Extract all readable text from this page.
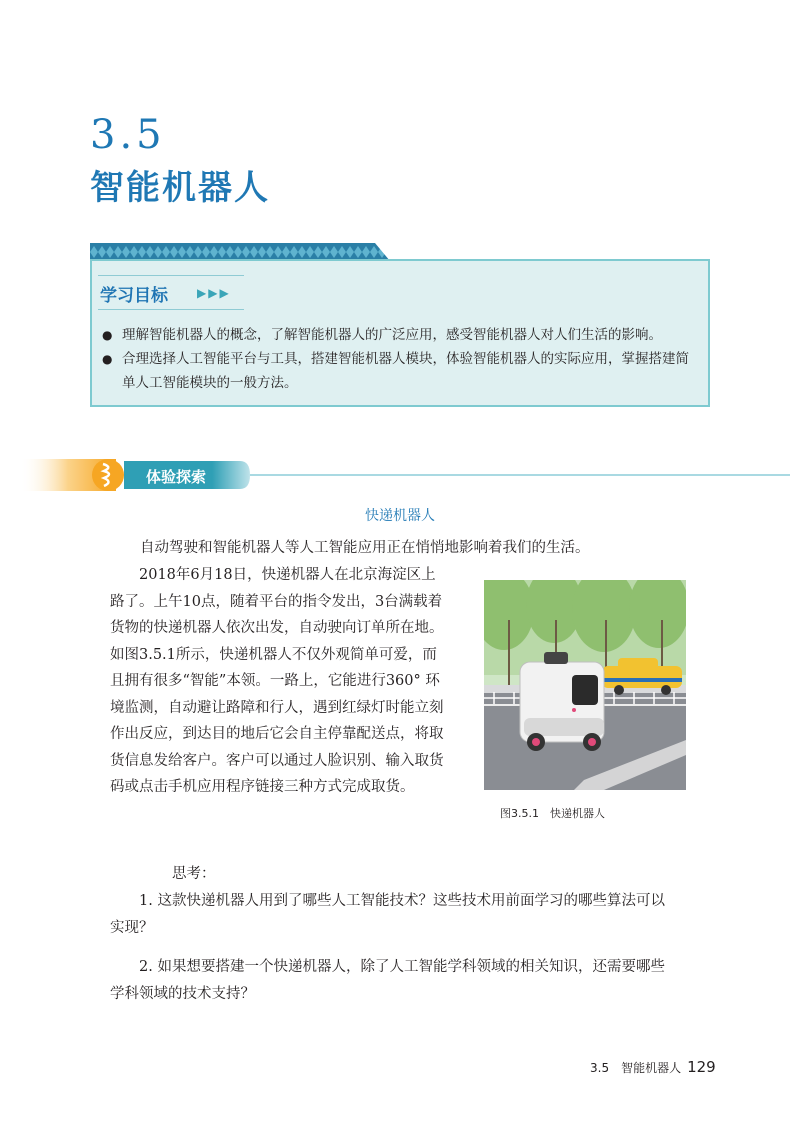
3.5
智能机器人
学习目标 ▶▶▶
● 理解智能机器人的概念，了解智能机器人的广泛应用，感受智能机器人对人们生活的影响。
● 合理选择人工智能平台与工具，搭建智能机器人模块，体验智能机器人的实际应用，掌握搭建简单人工智能模块的一般方法。
体验探索
快递机器人
自动驾驶和智能机器人等人工智能应用正在悄悄地影响着我们的生活。
2018年6月18日，快递机器人在北京海淀区上路了。上午10点，随着平台的指令发出，3台满载着货物的快递机器人依次出发，自动驶向订单所在地。如图3.5.1所示，快递机器人不仅外观简单可爱，而且拥有很多“智能”本领。一路上，它能进行360° 环境监测，自动避让路障和行人，遇到红绿灯时能立刻作出反应，到达目的地后它会自主停靠配送点，将取货信息发给客户。客户可以通过人脸识别、输入取货码或点击手机应用程序链接三种方式完成取货。
图3.5.1　快递机器人
思考：
1. 这款快递机器人用到了哪些人工智能技术？这些技术用前面学习的哪些算法可以实现？
2. 如果想要搭建一个快递机器人，除了人工智能学科领域的相关知识，还需要哪些学科领域的技术支持？
3.5　智能机器人 129
